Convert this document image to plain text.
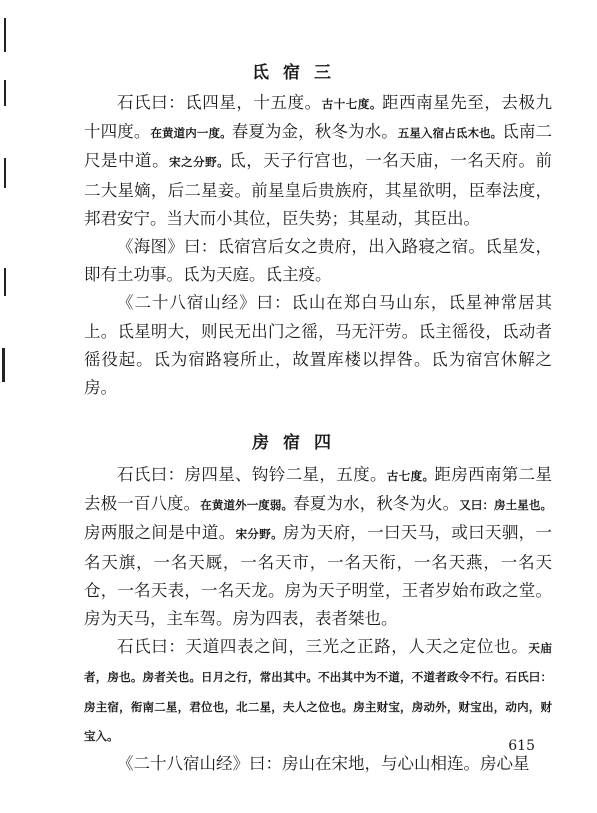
氐宿三

石氏曰：氐四星，十五度。古十七度。距西南星先至，去极九十四度。在黄道内一度。春夏为金，秋冬为水。五星入宿占氐木也。氐南二尺是中道。宋之分野。氐，天子行宫也，一名天庙，一名天府。前二大星嫡，后二星妾。前星皇后贵族府，其星欲明，臣奉法度，邦君安宁。当大而小其位，臣失势；其星动，其臣出。

《海图》曰：氐宿宫后女之贵府，出入路寝之宿。氐星发，即有土功事。氐为天庭。氐主疫。

《二十八宿山经》曰：氐山在郑白马山东，氐星神常居其上。氐星明大，则民无出门之徭，马无汗劳。氐主徭役，氐动者徭役起。氐为宿路寝所止，故置库楼以捍咎。氐为宿宫休解之房。

房宿四

石氏曰：房四星、钩钤二星，五度。古七度。距房西南第二星去极一百八度。在黄道外一度弱。春夏为水，秋冬为火。又曰：房土星也。房两服之间是中道。宋分野。房为天府，一曰天马，或曰天驷，一名天旗，一名天厩，一名天市，一名天衔，一名天燕，一名天仓，一名天表，一名天龙。房为天子明堂，王者岁始布政之堂。房为天马，主车驾。房为四表，表者桀也。

石氏曰：天道四表之间，三光之正路，人天之定位也。天庙者，房也。房者关也。日月之行，常出其中。不出其中为不道，不道者政令不行。石氏曰：房主宿，衔南二星，君位也，北二星，夫人之位也。房主财宝，房动外，财宝出，动内，财宝入。

《二十八宿山经》曰：房山在宋地，与心山相连。房心星

615
